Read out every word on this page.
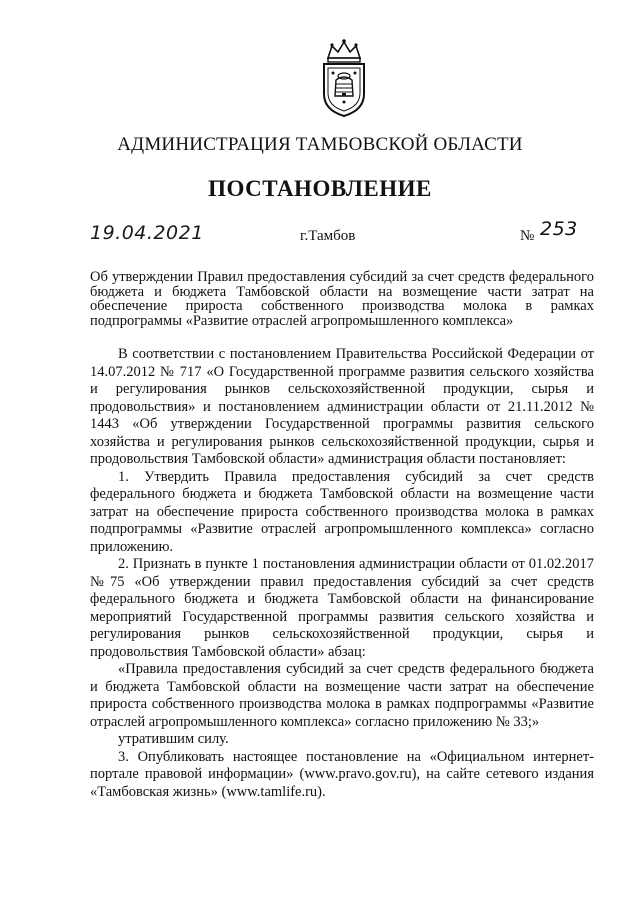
АДМИНИСТРАЦИЯ ТАМБОВСКОЙ ОБЛАСТИ
ПОСТАНОВЛЕНИЕ
19.04.2021	г.Тамбов	№ 253
Об утверждении Правил предоставления субсидий за счет средств федерального бюджета и бюджета Тамбовской области на возмещение части затрат на обеспечение прироста собственного производства молока в рамках подпрограммы «Развитие отраслей агропромышленного комплекса»

В соответствии с постановлением Правительства Российской Федерации от 14.07.2012 № 717 «О Государственной программе развития сельского хозяйства и регулирования рынков сельскохозяйственной продукции, сырья и продовольствия» и постановлением администрации области от 21.11.2012 № 1443 «Об утверждении Государственной программы развития сельского хозяйства и регулирования рынков сельскохозяйственной продукции, сырья и продовольствия Тамбовской области» администрация области постановляет:

1. Утвердить Правила предоставления субсидий за счет средств федерального бюджета и бюджета Тамбовской области на возмещение части затрат на обеспечение прироста собственного производства молока в рамках подпрограммы «Развитие отраслей агропромышленного комплекса» согласно приложению.

2. Признать в пункте 1 постановления администрации области от 01.02.2017 №75 «Об утверждении правил предоставления субсидий за счет средств федерального бюджета и бюджета Тамбовской области на финансирование мероприятий Государственной программы развития сельского хозяйства и регулирования рынков сельскохозяйственной продукции, сырья и продовольствия Тамбовской области» абзац:

«Правила предоставления субсидий за счет средств федерального бюджета и бюджета Тамбовской области на возмещение части затрат на обеспечение прироста собственного производства молока в рамках подпрограммы «Развитие отраслей агропромышленного комплекса» согласно приложению № 33;»

утратившим силу.

3. Опубликовать настоящее постановление на «Официальном интернет-портале правовой информации» (www.pravo.gov.ru), на сайте сетевого издания «Тамбовская жизнь» (www.tamlife.ru).
